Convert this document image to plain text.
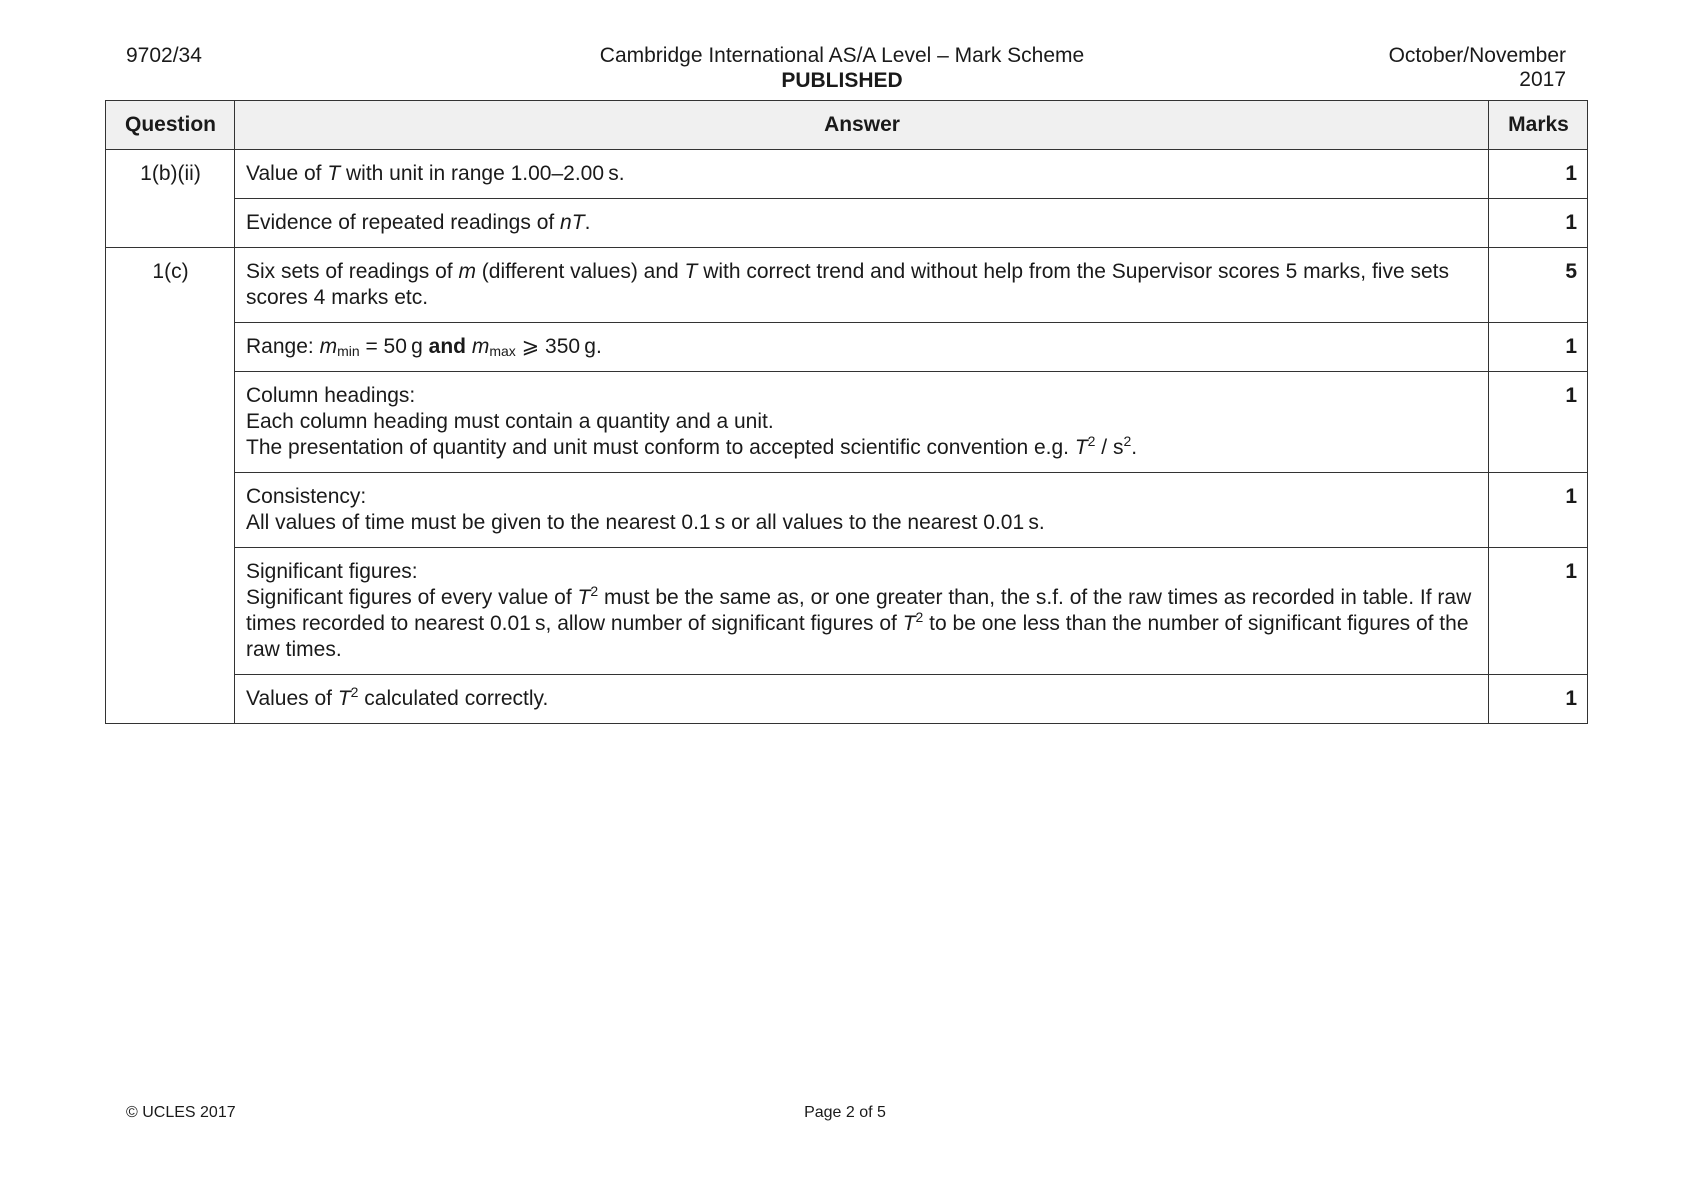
9702/34	Cambridge International AS/A Level – Mark Scheme
PUBLISHED
October/November
2017
Question	Answer	Marks
1(b)(ii)	Value of T with unit in range 1.00–2.00 s.	1
	Evidence of repeated readings of nT.	1
1(c)	Six sets of readings of m (different values) and T with correct trend and without help from the Supervisor scores 5 marks, five sets scores 4 marks etc.	5
	Range: $m_{min} = 50$ g and $m_{max}$ ⩾ 350 g.	1

	Column headings:
Each column heading must contain a quantity and a unit.
The presentation of quantity and unit must conform to accepted scientific convention e.g. $T^2 / s^2$.	1

	Consistency:
All values of time must be given to the nearest 0.1 s or all values to the nearest 0.01 s.	1

	Significant figures:
Significant figures of every value of $T^2$ must be the same as, or one greater than, the s.f. of the raw times as recorded in table. If raw times recorded to nearest 0.01 s, allow number of significant figures of $T^2$ to be one less than the number of significant figures of the raw times.	1
	Values of $T^2$ calculated correctly.	1
© UCLES 2017	Page 2 of 5
